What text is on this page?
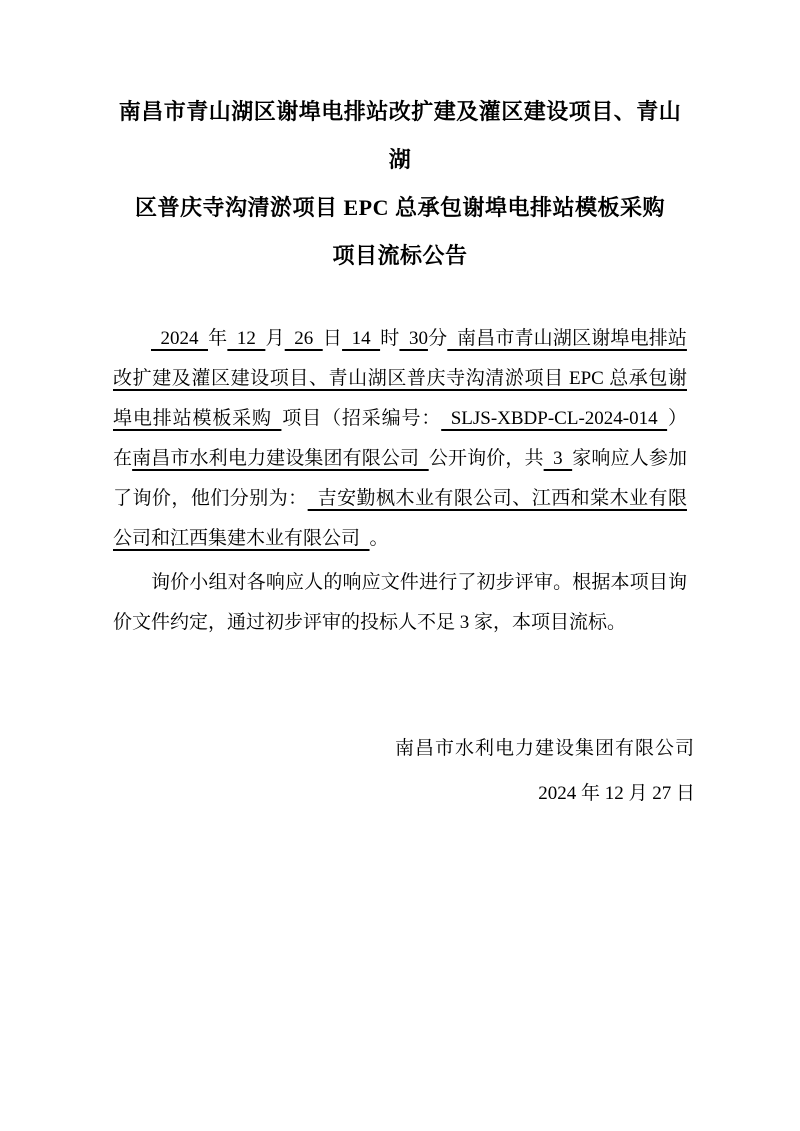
南昌市青山湖区谢埠电排站改扩建及灌区建设项目、青山湖
区普庆寺沟清淤项目 EPC 总承包谢埠电排站模板采购
项目流标公告

 2024 年 12 月 26 日 14 时 30分 南昌市青山湖区谢埠电排站改扩建及灌区建设项目、青山湖区普庆寺沟清淤项目 EPC 总承包谢埠电排站模板采购 项目（招采编号： SLJS-XBDP-CL-2024-014 ）在南昌市水利电力建设集团有限公司 公开询价，共 3 家响应人参加了询价，他们分别为： 吉安勤枫木业有限公司、江西和棠木业有限公司和江西集建木业有限公司 。

询价小组对各响应人的响应文件进行了初步评审。根据本项目询价文件约定，通过初步评审的投标人不足 3 家，本项目流标。

南昌市水利电力建设集团有限公司
2024 年 12 月 27 日
